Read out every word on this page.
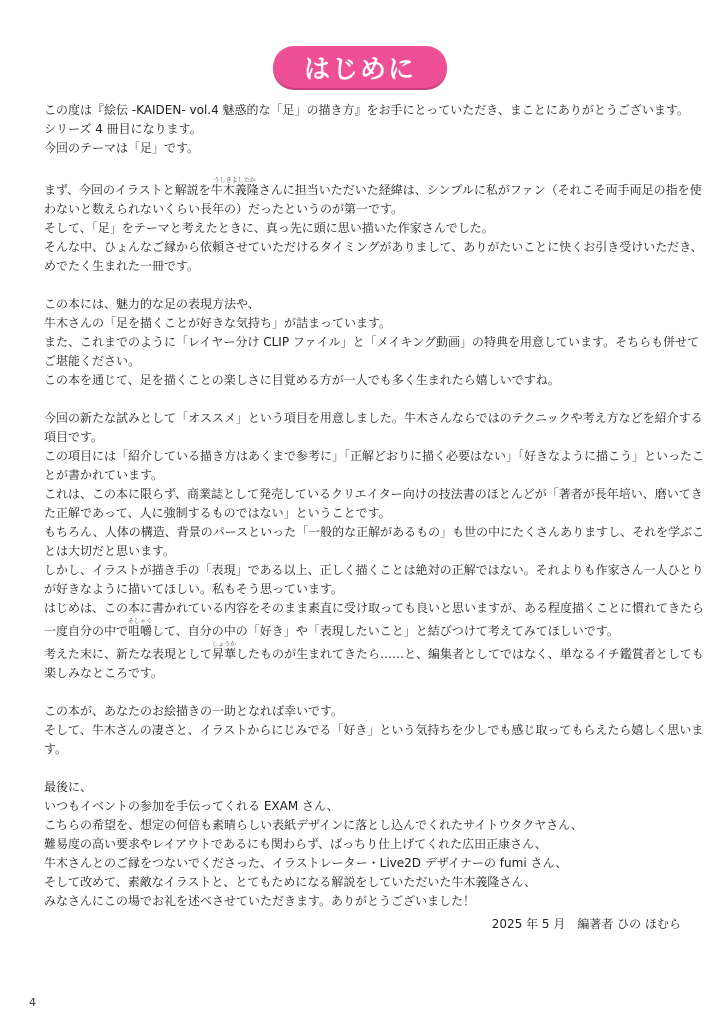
はじめに

この度は『絵伝 -KAIDEN- vol.4 魅惑的な「足」の描き方』をお手にとっていただき、まことにありがとうございます。

シリーズ 4 冊目になります。

今回のテーマは「足」です。

まず、今回のイラストと解説を牛木義隆うしきよしたかさんに担当いただいた経緯は、シンプルに私がファン（それこそ両手両足の指を使

わないと数えられないくらい長年の）だったというのが第一です。

そして、「足」をテーマと考えたときに、真っ先に頭に思い描いた作家さんでした。

そんな中、ひょんなご縁から依頼させていただけるタイミングがありまして、ありがたいことに快くお引き受けいただき、

めでたく生まれた一冊です。

この本には、魅力的な足の表現方法や、

牛木さんの「足を描くことが好きな気持ち」が詰まっています。

また、これまでのように「レイヤー分け CLIP ファイル」と「メイキング動画」の特典を用意しています。そちらも併せて

ご堪能ください。

この本を通じて、足を描くことの楽しさに目覚める方が一人でも多く生まれたら嬉しいですね。

今回の新たな試みとして「オススメ」という項目を用意しました。牛木さんならではのテクニックや考え方などを紹介する

項目です。

この項目には「紹介している描き方はあくまで参考に」「正解どおりに描く必要はない」「好きなように描こう」といったこ

とが書かれています。

これは、この本に限らず、商業誌として発売しているクリエイター向けの技法書のほとんどが「著者が長年培い、磨いてき

た正解であって、人に強制するものではない」ということです。

もちろん、人体の構造、背景のパースといった「一般的な正解があるもの」も世の中にたくさんありますし、それを学ぶこ

とは大切だと思います。

しかし、イラストが描き手の「表現」である以上、正しく描くことは絶対の正解ではない。それよりも作家さん一人ひとり

が好きなように描いてほしい。私もそう思っています。

はじめは、この本に書かれている内容をそのまま素直に受け取っても良いと思いますが、ある程度描くことに慣れてきたら

一度自分の中で咀嚼そしゃくして、自分の中の「好き」や「表現したいこと」と結びつけて考えてみてほしいです。

考えた末に、新たな表現として昇華しょうかしたものが生まれてきたら……と、編集者としてではなく、単なるイチ鑑賞者としても

楽しみなところです。

この本が、あなたのお絵描きの一助となれば幸いです。

そして、牛木さんの凄さと、イラストからにじみでる「好き」という気持ちを少しでも感じ取ってもらえたら嬉しく思いま

す。

最後に、

いつもイベントの参加を手伝ってくれる EXAM さん、

こちらの希望を、想定の何倍も素晴らしい表紙デザインに落とし込んでくれたサイトウタクヤさん、

難易度の高い要求やレイアウトであるにも関わらず、ばっちり仕上げてくれた広田正康さん、

牛木さんとのご縁をつないでくださった、イラストレーター・Live2D デザイナーの fumi さん、

そして改めて、素敵なイラストと、とてもためになる解説をしていただいた牛木義隆さん、

みなさんにこの場でお礼を述べさせていただきます。ありがとうございました！

2025 年 5 月　編著者 ひの ほむら
4
